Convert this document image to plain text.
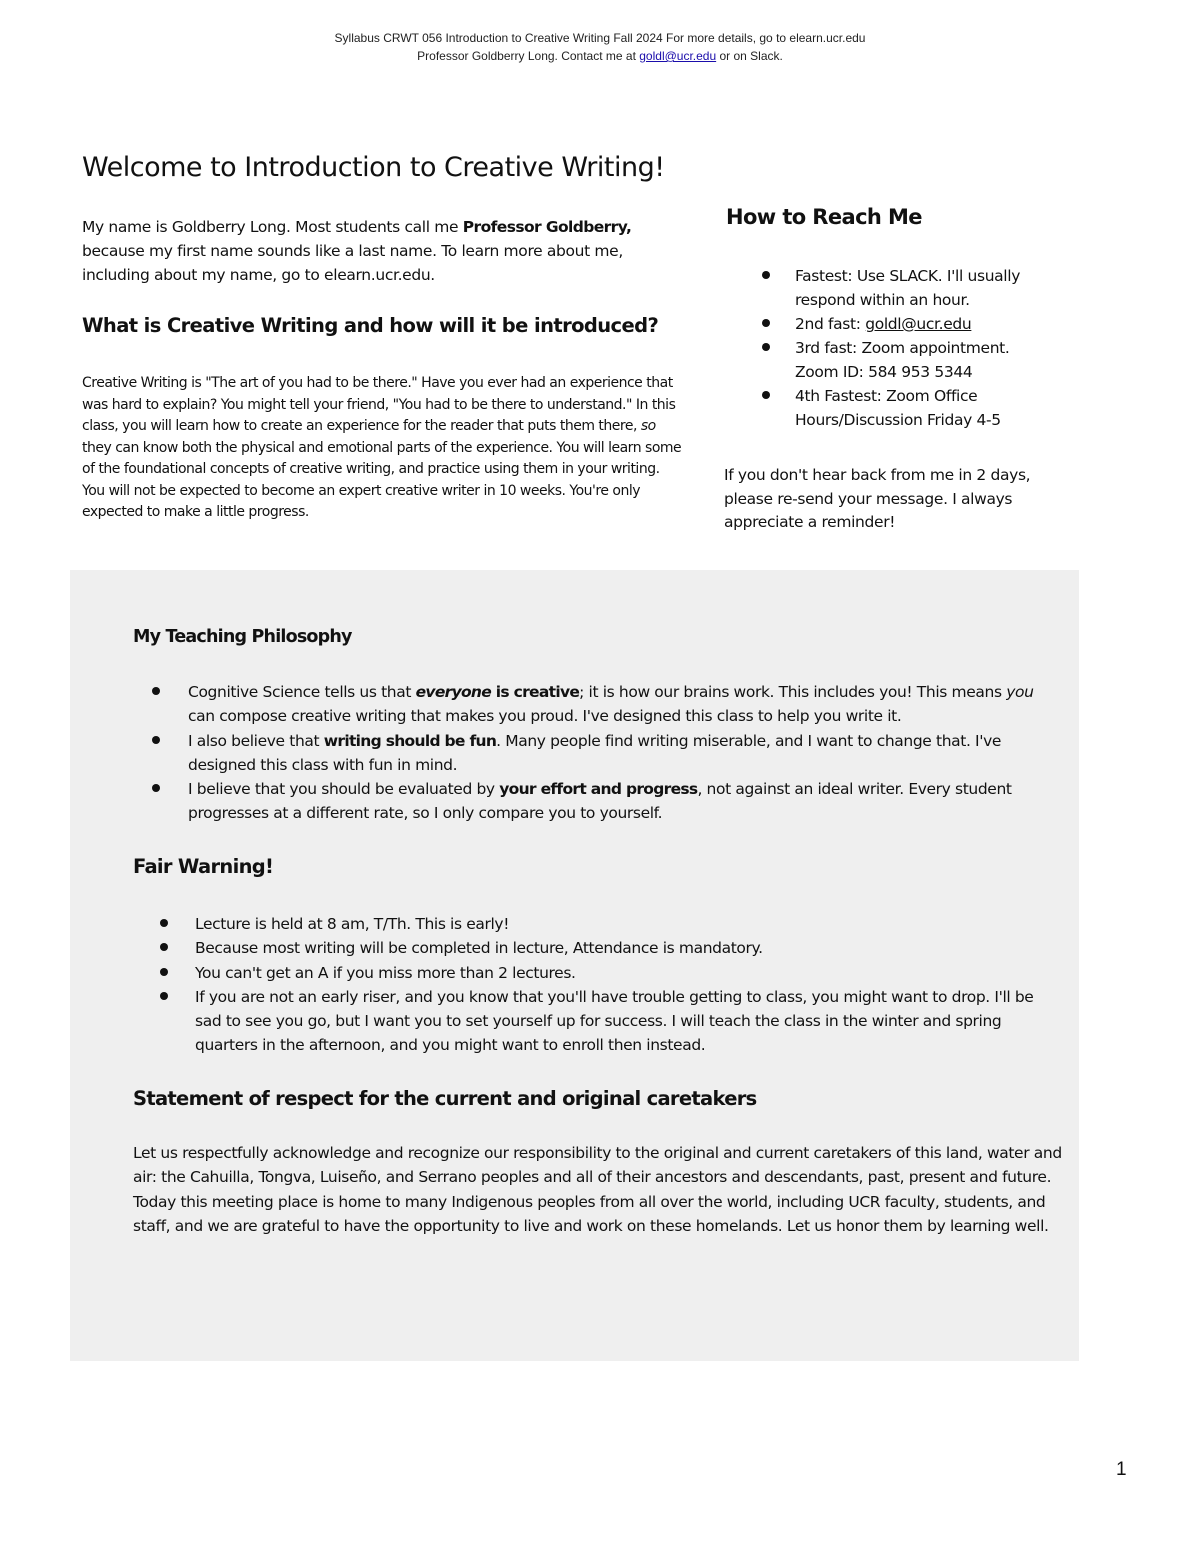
Syllabus CRWT 056 Introduction to Creative Writing Fall 2024 For more details, go to elearn.ucr.edu
Professor Goldberry Long. Contact me at goldl@ucr.edu or on Slack.
Welcome to Introduction to Creative Writing!
My name is Goldberry Long. Most students call me Professor Goldberry, because my first name sounds like a last name. To learn more about me, including about my name, go to elearn.ucr.edu.
What is Creative Writing and how will it be introduced?
Creative Writing is "The art of you had to be there." Have you ever had an experience that was hard to explain? You might tell your friend, "You had to be there to understand." In this class, you will learn how to create an experience for the reader that puts them there, so they can know both the physical and emotional parts of the experience. You will learn some of the foundational concepts of creative writing, and practice using them in your writing. You will not be expected to become an expert creative writer in 10 weeks. You're only expected to make a little progress.
How to Reach Me
Fastest: Use SLACK. I'll usually respond within an hour.
2nd fast: goldl@ucr.edu
3rd fast: Zoom appointment. Zoom ID: 584 953 5344
4th Fastest: Zoom Office Hours/Discussion Friday 4-5
If you don't hear back from me in 2 days, please re-send your message. I always appreciate a reminder!
My Teaching Philosophy
Cognitive Science tells us that everyone is creative; it is how our brains work. This includes you! This means you can compose creative writing that makes you proud. I've designed this class to help you write it.
I also believe that writing should be fun. Many people find writing miserable, and I want to change that. I've designed this class with fun in mind.
I believe that you should be evaluated by your effort and progress, not against an ideal writer. Every student progresses at a different rate, so I only compare you to yourself.
Fair Warning!
Lecture is held at 8 am, T/Th. This is early!
Because most writing will be completed in lecture, Attendance is mandatory.
You can't get an A if you miss more than 2 lectures.
If you are not an early riser, and you know that you'll have trouble getting to class, you might want to drop. I'll be sad to see you go, but I want you to set yourself up for success. I will teach the class in the winter and spring quarters in the afternoon, and you might want to enroll then instead.
Statement of respect for the current and original caretakers
Let us respectfully acknowledge and recognize our responsibility to the original and current caretakers of this land, water and air: the Cahuilla, Tongva, Luiseño, and Serrano peoples and all of their ancestors and descendants, past, present and future. Today this meeting place is home to many Indigenous peoples from all over the world, including UCR faculty, students, and staff, and we are grateful to have the opportunity to live and work on these homelands. Let us honor them by learning well.
1
